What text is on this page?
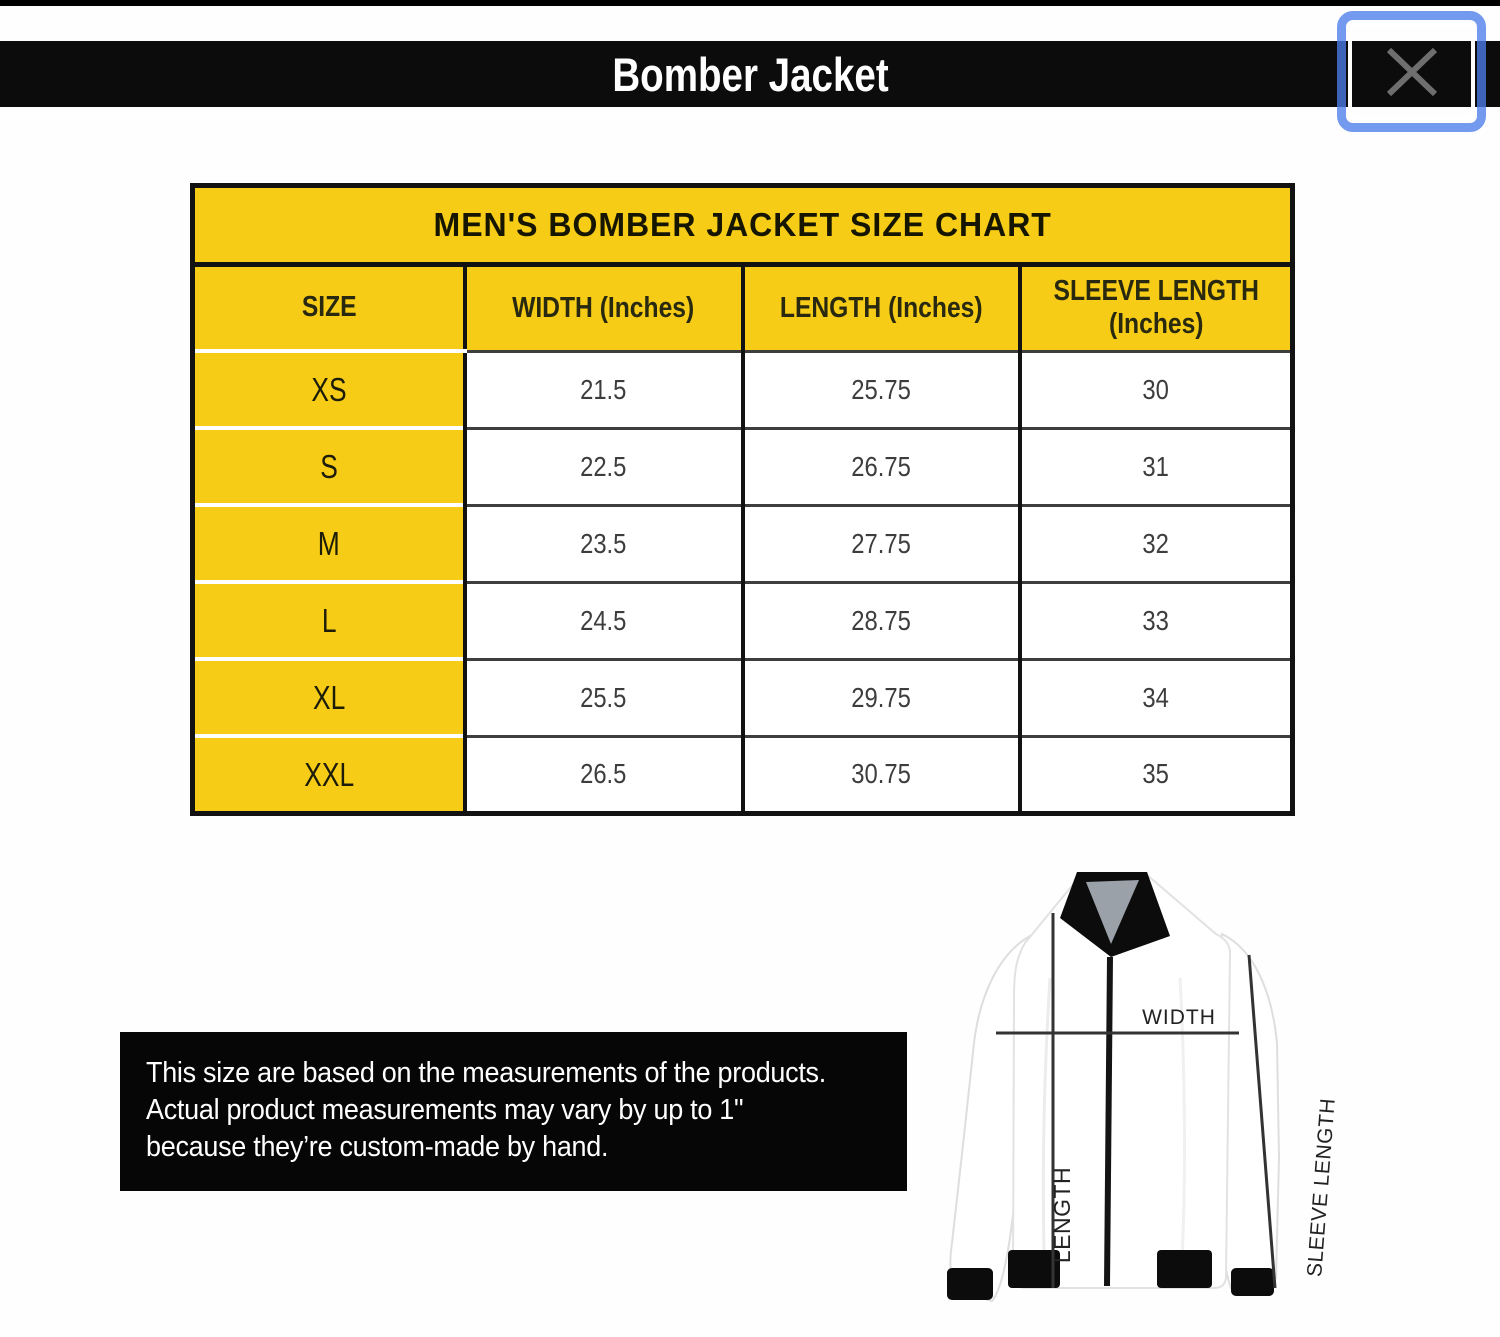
Bomber Jacket
MEN'S BOMBER JACKET SIZE CHART			
SIZE	WIDTH (Inches)	LENGTH (Inches)	SLEEVE LENGTH (Inches)
XS	21.5	25.75	30
S	22.5	26.75	31
M	23.5	27.75	32
L	24.5	28.75	33
XL	25.5	29.75	34
XXL	26.5	30.75	35
This size are based on the measurements of the products.
Actual product measurements may vary by up to 1"
because they’re custom-made by hand.
WIDTH
LENGTH	SLEEVE LENGTH
